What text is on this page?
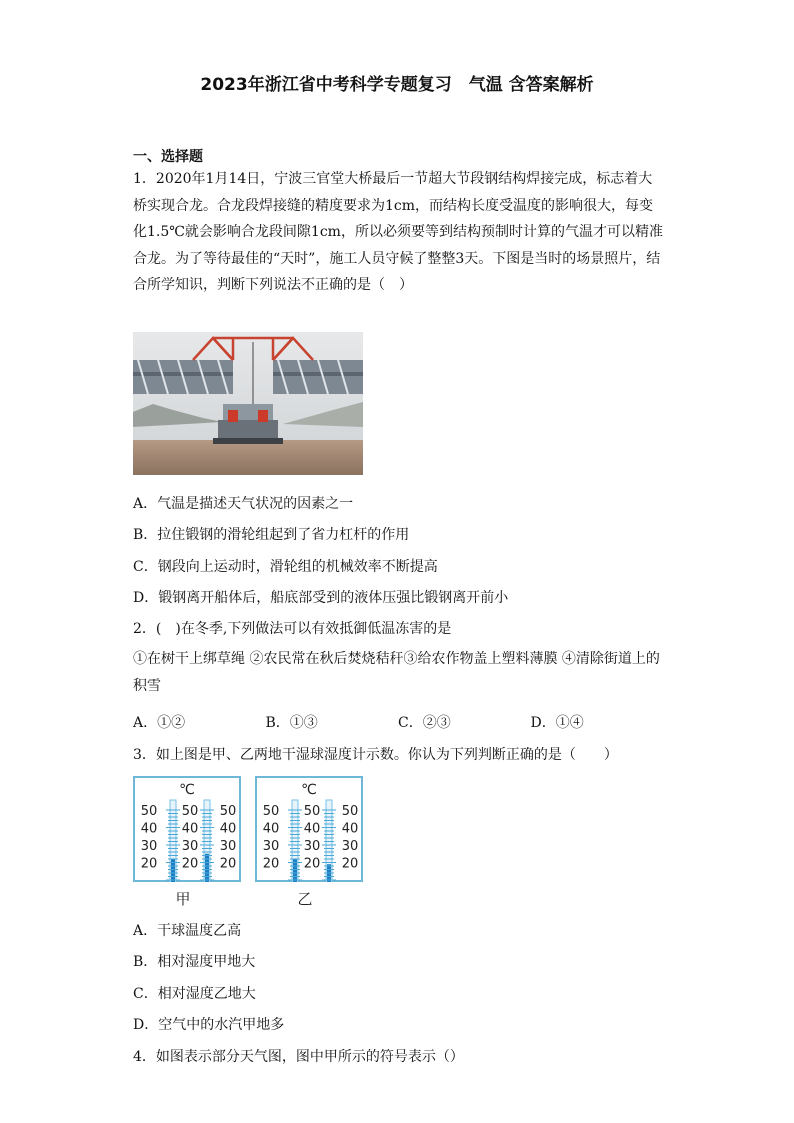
2023年浙江省中考科学专题复习　气温 含答案解析
一、选择题
1．2020年1月14日，宁波三官堂大桥最后一节超大节段钢结构焊接完成，标志着大桥实现合龙。合龙段焊接缝的精度要求为1cm，而结构长度受温度的影响很大，每变化1.5℃就会影响合龙段间隙1cm，所以必须要等到结构预制时计算的气温才可以精准合龙。为了等待最佳的“天时”，施工人员守候了整整3天。下图是当时的场景照片，结合所学知识，判断下列说法不正确的是（　）
A．气温是描述天气状况的因素之一
B．拉住锻钢的滑轮组起到了省力杠杆的作用
C．钢段向上运动时，滑轮组的机械效率不断提高
D．锻钢离开船体后，船底部受到的液体压强比锻钢离开前小
2．(　)在冬季,下列做法可以有效抵御低温冻害的是
①在树干上绑草绳 ②农民常在秋后焚烧秸秆③给农作物盖上塑料薄膜 ④清除街道上的积雪
A．①②	B．①③	C．②③	D．①④
3．如上图是甲、乙两地干湿球湿度计示数。你认为下列判断正确的是（　　）
℃
50 50 50
40 40 40
30 30 30
20 20 20
甲
℃
50 50 50
40 40 40
30 30 30
20 20 20
乙
A．干球温度乙高
B．相对湿度甲地大
C．相对湿度乙地大
D．空气中的水汽甲地多
4．如图表示部分天气图，图中甲所示的符号表示（）
